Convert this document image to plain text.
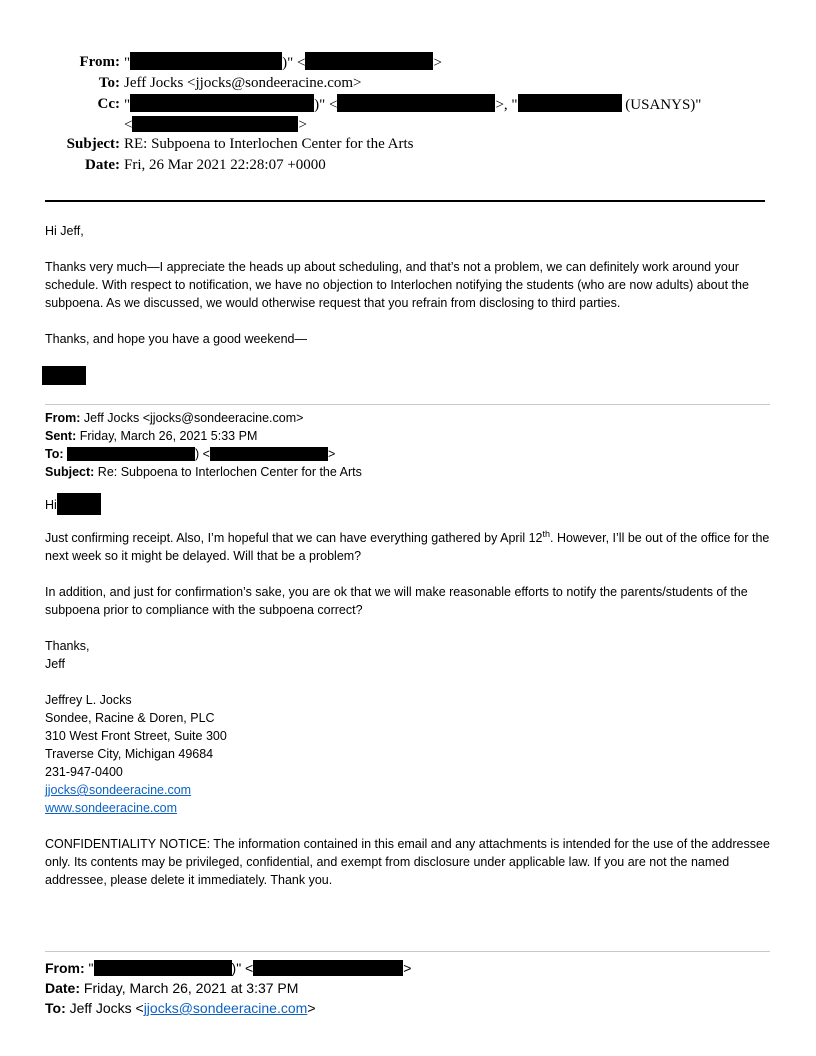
From: "	)" <	>
To: Jeff Jocks <jjocks@sondeeracine.com>
Cc: "	)" <	>, "	(USANYS)"
<	>
Subject: RE: Subpoena to Interlochen Center for the Arts
Date: Fri, 26 Mar 2021 22:28:07 +0000

Hi Jeff,

Thanks very much—I appreciate the heads up about scheduling, and that’s not a problem, we can definitely work around your schedule. With respect to notification, we have no objection to Interlochen notifying the students (who are now adults) about the subpoena. As we discussed, we would otherwise request that you refrain from disclosing to third parties.

Thanks, and hope you have a good weekend—

From: Jeff Jocks <jjocks@sondeeracine.com>

Sent: Friday, March 26, 2021 5:33 PM

To:	) <	>

Subject: Re: Subpoena to Interlochen Center for the Arts

Hi

Just confirming receipt. Also, I’m hopeful that we can have everything gathered by April 12th. However, I’ll be out of the office for the next week so it might be delayed. Will that be a problem?

In addition, and just for confirmation’s sake, you are ok that we will make reasonable efforts to notify the parents/students of the subpoena prior to compliance with the subpoena correct?

Thanks,

Jeff

Jeffrey L. Jocks

Sondee, Racine & Doren, PLC

310 West Front Street, Suite 300

Traverse City, Michigan 49684

231-947-0400

jjocks@sondeeracine.com

www.sondeeracine.com

CONFIDENTIALITY NOTICE: The information contained in this email and any attachments is intended for the use of the addressee only. Its contents may be privileged, confidential, and exempt from disclosure under applicable law. If you are not the named addressee, please delete it immediately. Thank you.

From: "	)" <	>

Date: Friday, March 26, 2021 at 3:37 PM

To: Jeff Jocks <jjocks@sondeeracine.com>
